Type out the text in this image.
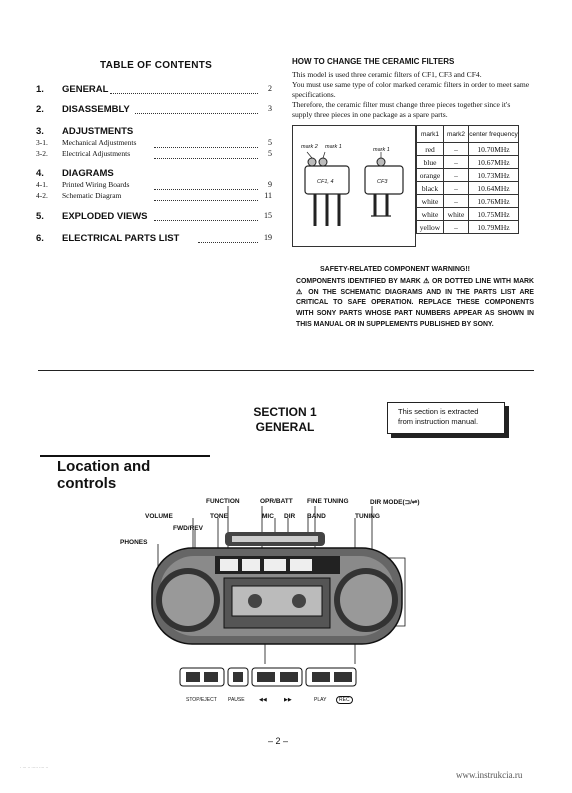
TABLE OF CONTENTS
1. GENERAL	2
2. DISASSEMBLY	3
3. ADJUSTMENTS
3-1. Mechanical Adjustments	5
3-2. Electrical Adjustments	5
4. DIAGRAMS
4-1. Printed Wiring Boards	9
4-2. Schematic Diagram	11
5. EXPLODED VIEWS	15
6. ELECTRICAL PARTS LIST	19
HOW TO CHANGE THE CERAMIC FILTERS
This model is used three ceramic filters of CF1, CF3 and CF4.
You must use same type of color marked ceramic filters in order to meet same specifications.
Therefore, the ceramic filter must change three pieces together since it's supply three pieces in one package as a spare parts.
mark 2 mark 1	mark 1
CF1, 4	CF3
mark1	mark2	center frequency
red	–	10.70MHz
blue	–	10.67MHz
orange	–	10.73MHz
black	–	10.64MHz
white	–	10.76MHz
white	white	10.75MHz
yellow	–	10.79MHz
SAFETY-RELATED COMPONENT WARNING!!
COMPONENTS IDENTIFIED BY MARK ⚠ OR DOTTED LINE WITH MARK ⚠ ON THE SCHEMATIC DIAGRAMS AND IN THE PARTS LIST ARE CRITICAL TO SAFE OPERATION. REPLACE THESE COMPONENTS WITH SONY PARTS WHOSE PART NUMBERS APPEAR AS SHOWN IN THIS MANUAL OR IN SUPPLEMENTS PUBLISHED BY SONY.
SECTION 1
GENERAL
This section is extracted from instruction manual.
Location and
controls
FUNCTION	OPR/BATT FINE TUNING	DIR MODE(⊐/⇌)
VOLUME	TONE	MIC DIR BAND	TUNING
FWD/REV
PHONES
STOP/EJECT PAUSE	◀◀	▶▶	PLAY	REC
– 2 –
· ··· ·· ····· ···· ··
www.instrukcia.ru
